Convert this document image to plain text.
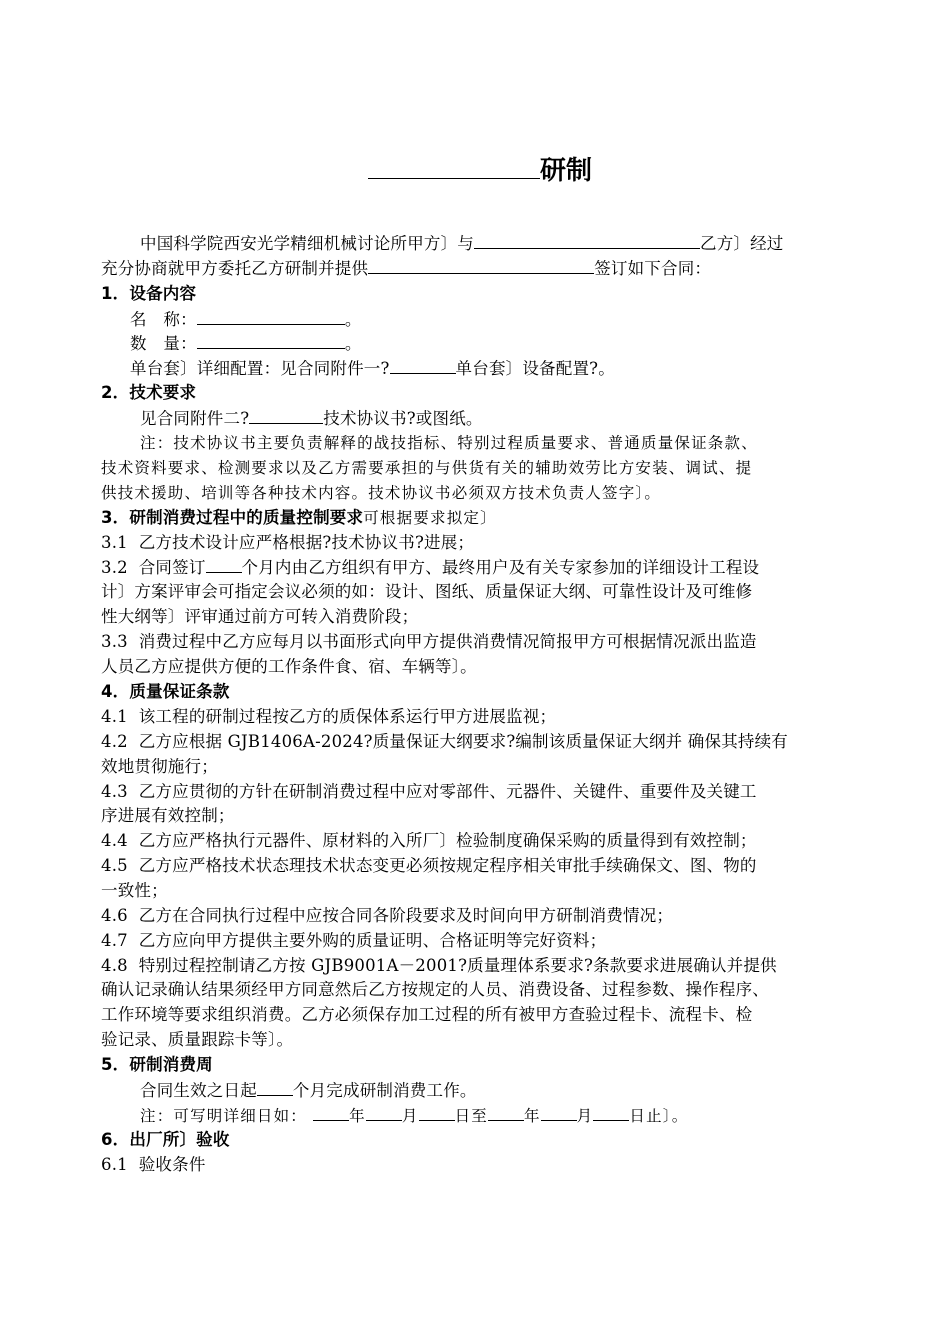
研制
中国科学院西安光学精细机械讨论所甲方〕与	乙方〕经过
充分协商就甲方委托乙方研制并提供	签订如下合同：
1．设备内容
名　称：	。
数　量：	。
单台套〕详细配置：见合同附件一?	单台套〕设备配置?。
2．技术要求
见合同附件二?	技术协议书?或图纸。
注：技术协议书主要负责解释的战技指标、特别过程质量要求、普通质量保证条款、
技术资料要求、检测要求以及乙方需要承担的与供货有关的辅助效劳比方安装、调试、提
供技术援助、培训等各种技术内容。技术协议书必须双方技术负责人签字〕。
3．研制消费过程中的质量控制要求可根据要求拟定〕
3.1  乙方技术设计应严格根据?技术协议书?进展；
3.2  合同签订 个月内由乙方组织有甲方、最终用户及有关专家参加的详细设计工程设
计〕方案评审会可指定会议必须的如：设计、图纸、质量保证大纲、可靠性设计及可维修
性大纲等〕评审通过前方可转入消费阶段；
3.3  消费过程中乙方应每月以书面形式向甲方提供消费情况简报甲方可根据情况派出监造
人员乙方应提供方便的工作条件食、宿、车辆等〕。
4．质量保证条款
4.1  该工程的研制过程按乙方的质保体系运行甲方进展监视；
4.2  乙方应根据 GJB1406A-2024?质量保证大纲要求?编制该质量保证大纲并 确保其持续有
效地贯彻施行；
4.3  乙方应贯彻的方针在研制消费过程中应对零部件、元器件、关键件、重要件及关键工
序进展有效控制；
4.4  乙方应严格执行元器件、原材料的入所厂〕检验制度确保采购的质量得到有效控制；
4.5  乙方应严格技术状态理技术状态变更必须按规定程序相关审批手续确保文、图、物的
一致性；
4.6  乙方在合同执行过程中应按合同各阶段要求及时间向甲方研制消费情况；
4.7  乙方应向甲方提供主要外购的质量证明、合格证明等完好资料；
4.8  特别过程控制请乙方按 GJB9001A－2001?质量理体系要求?条款要求进展确认并提供
确认记录确认结果须经甲方同意然后乙方按规定的人员、消费设备、过程参数、操作程序、
工作环境等要求组织消费。乙方必须保存加工过程的所有被甲方查验过程卡、流程卡、检
验记录、质量跟踪卡等〕。
5．研制消费周
合同生效之日起 个月完成研制消费工作。
注：可写明详细日如：	年 月 日至 年 月 日止〕。
6．出厂所〕验收
6.1  验收条件
